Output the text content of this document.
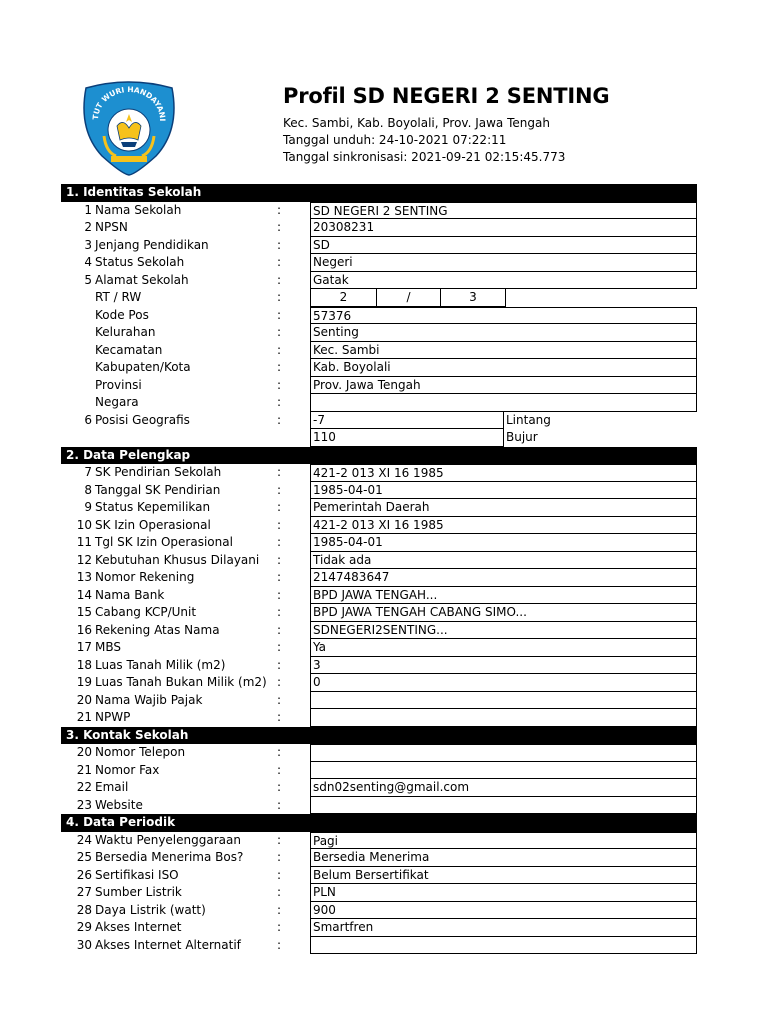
TUT WURI HANDAYANI
Profil SD NEGERI 2 SENTING
Kec. Sambi, Kab. Boyolali, Prov. Jawa Tengah
Tanggal unduh: 24-10-2021 07:22:11
Tanggal sinkronisasi: 2021-09-21 02:15:45.773
1. Identitas Sekolah
1 Nama Sekolah	:	SD NEGERI 2 SENTING
2 NPSN	:	20308231
3 Jenjang Pendidikan	:	SD
4 Status Sekolah	:	Negeri
5 Alamat Sekolah	:	Gatak
RT / RW	:	2	/	3
Kode Pos	:	57376
Kelurahan	:	Senting
Kecamatan	:	Kec. Sambi
Kabupaten/Kota	:	Kab. Boyolali
Provinsi	:	Prov. Jawa Tengah
Negara	:
6 Posisi Geografis	:	-7	Lintang
110	Bujur
2. Data Pelengkap
7 SK Pendirian Sekolah	:	421-2 013 XI 16 1985
8 Tanggal SK Pendirian	:	1985-04-01
9 Status Kepemilikan	:	Pemerintah Daerah
10 SK Izin Operasional	:	421-2 013 XI 16 1985
11 Tgl SK Izin Operasional	:	1985-04-01
12 Kebutuhan Khusus Dilayani :	Tidak ada
13 Nomor Rekening	:	2147483647
14 Nama Bank	:	BPD JAWA TENGAH...
15 Cabang KCP/Unit	:	BPD JAWA TENGAH CABANG SIMO...
16 Rekening Atas Nama	:	SDNEGERI2SENTING...
17 MBS	:	Ya
18 Luas Tanah Milik (m2)	:	3
19 Luas Tanah Bukan Milik (m2) :	0
20 Nama Wajib Pajak	:
21 NPWP	:
3. Kontak Sekolah
20 Nomor Telepon	:
21 Nomor Fax	:
22 Email	:	sdn02senting@gmail.com
23 Website	:
4. Data Periodik
24 Waktu Penyelenggaraan	:	Pagi
25 Bersedia Menerima Bos?	:	Bersedia Menerima
26 Sertifikasi ISO	:	Belum Bersertifikat
27 Sumber Listrik	:	PLN
28 Daya Listrik (watt)	:	900
29 Akses Internet	:	Smartfren
30 Akses Internet Alternatif	:
